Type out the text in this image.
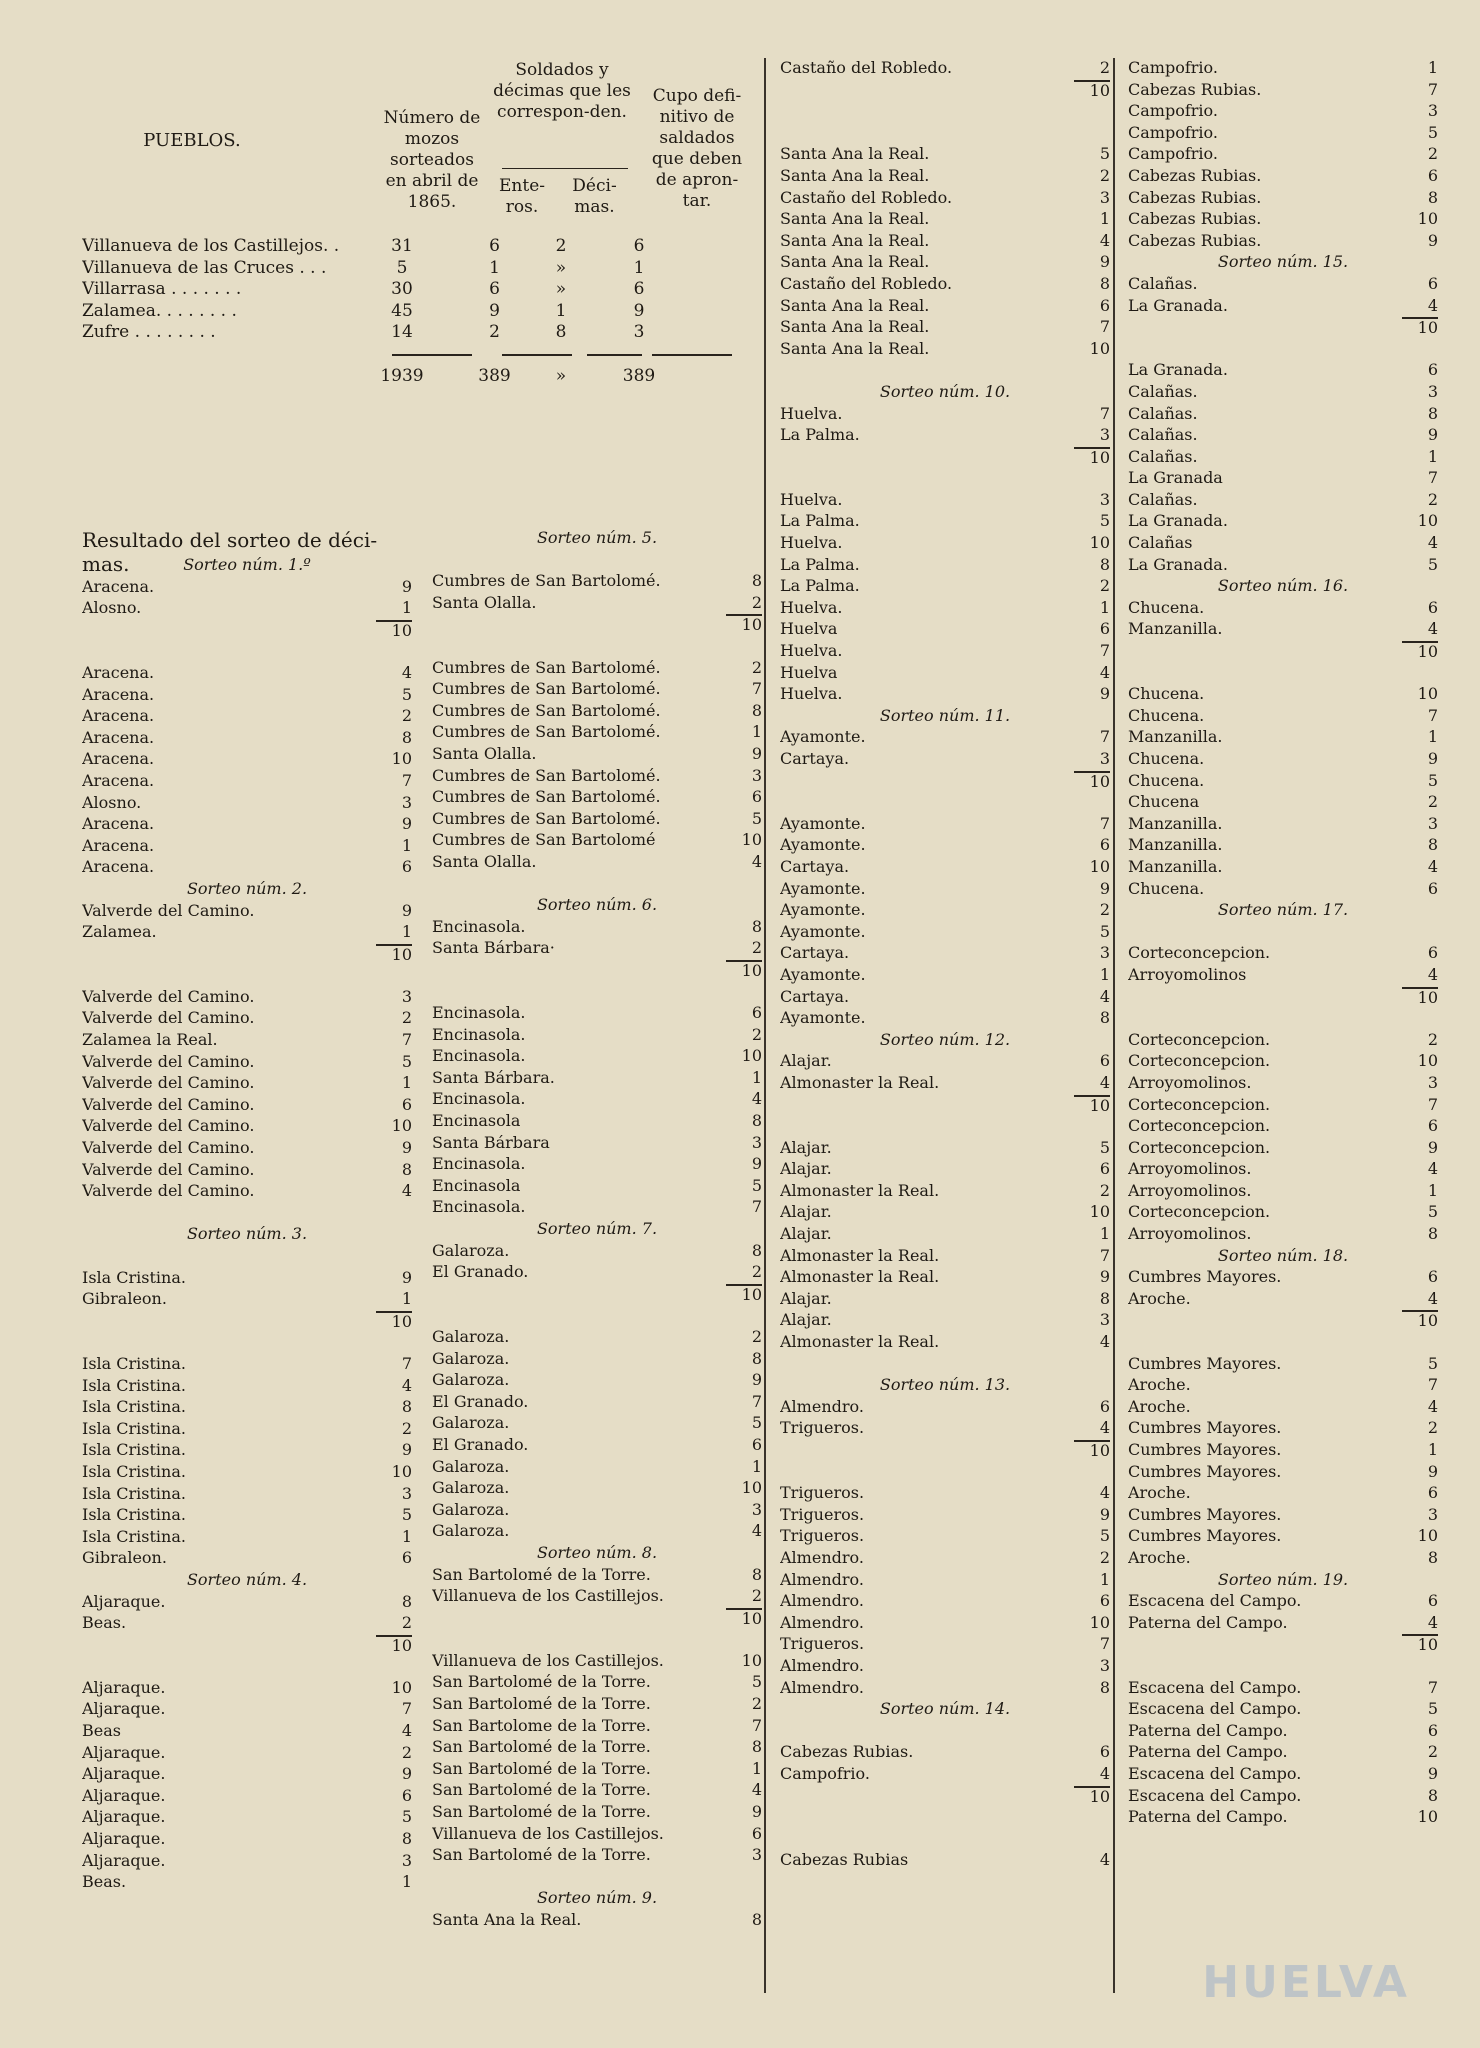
PUEBLOS.
Número de mozos sorteados en abril de 1865.
Soldados y décimas que les correspon-den.
Ente-ros.
Déci-mas.
Cupo defi-nitivo de saldados que deben de apron-tar.
Villanueva de los Castillejos. .	31	6	2	6
Villanueva de las Cruces . . .	5	1	»	1
Villarrasa . . . . . . .	30	6	»	6
Zalamea. . . . . . . .	45	9	1	9
Zufre . . . . . . . .	14	2	8	3
1939	389	»	389
Resultado del sorteo de déci-mas.	Sorteo núm. 1.º
Aracena.	9
Alosno.	1
10
Aracena.	4
Aracena.	5
Aracena.	2
Aracena.	8
Aracena.	10
Aracena.	7
Alosno.	3
Aracena.	9
Aracena.	1
Aracena.	6
Sorteo núm. 2.
Valverde del Camino.	9
Zalamea.	1
10
Valverde del Camino.	3
Valverde del Camino.	2
Zalamea la Real.	7
Valverde del Camino.	5
Valverde del Camino.	1
Valverde del Camino.	6
Valverde del Camino.	10
Valverde del Camino.	9
Valverde del Camino.	8
Valverde del Camino.	4
Sorteo núm. 3.
Isla Cristina.	9
Gibraleon.	1
10
Isla Cristina.	7
Isla Cristina.	4
Isla Cristina.	8
Isla Cristina.	2
Isla Cristina.	9
Isla Cristina.	10
Isla Cristina.	3
Isla Cristina.	5
Isla Cristina.	1
Gibraleon.	6
Sorteo núm. 4.
Aljaraque.	8
Beas.	2
10
Aljaraque.	10
Aljaraque.	7
Beas	4
Aljaraque.	2
Aljaraque.	9
Aljaraque.	6
Aljaraque.	5
Aljaraque.	8
Aljaraque.	3
Beas.	1
Sorteo núm. 5.
Cumbres de San Bartolomé.	8
Santa Olalla.	2
10
Cumbres de San Bartolomé.	2
Cumbres de San Bartolomé.	7
Cumbres de San Bartolomé.	8
Cumbres de San Bartolomé.	1
Santa Olalla.	9
Cumbres de San Bartolomé.	3
Cumbres de San Bartolomé.	6
Cumbres de San Bartolomé.	5
Cumbres de San Bartolomé	10
Santa Olalla.	4
Sorteo núm. 6.
Encinasola.	8
Santa Bárbara·	2
10
Encinasola.	6
Encinasola.	2
Encinasola.	10
Santa Bárbara.	1
Encinasola.	4
Encinasola	8
Santa Bárbara	3
Encinasola.	9
Encinasola	5
Encinasola.	7
Sorteo núm. 7.
Galaroza.	8
El Granado.	2
10
Galaroza.	2
Galaroza.	8
Galaroza.	9
El Granado.	7
Galaroza.	5
El Granado.	6
Galaroza.	1
Galaroza.	10
Galaroza.	3
Galaroza.	4
Sorteo núm. 8.
San Bartolomé de la Torre.	8
Villanueva de los Castillejos.	2
10
Villanueva de los Castillejos.	10
San Bartolomé de la Torre.	5
San Bartolomé de la Torre.	2
San Bartolome de la Torre.	7
San Bartolomé de la Torre.	8
San Bartolomé de la Torre.	1
San Bartolomé de la Torre.	4
San Bartolomé de la Torre.	9
Villanueva de los Castillejos.	6
San Bartolomé de la Torre.	3
Sorteo núm. 9.
Santa Ana la Real.	8
Castaño del Robledo.	2
10
Santa Ana la Real.	5
Santa Ana la Real.	2
Castaño del Robledo.	3
Santa Ana la Real.	1
Santa Ana la Real.	4
Santa Ana la Real.	9
Castaño del Robledo.	8
Santa Ana la Real.	6
Santa Ana la Real.	7
Santa Ana la Real.	10
Sorteo núm. 10.
Huelva.	7
La Palma.	3
10
Huelva.	3
La Palma.	5
Huelva.	10
La Palma.	8
La Palma.	2
Huelva.	1
Huelva	6
Huelva.	7
Huelva	4
Huelva.	9
Sorteo núm. 11.
Ayamonte.	7
Cartaya.	3
10
Ayamonte.	7
Ayamonte.	6
Cartaya.	10
Ayamonte.	9
Ayamonte.	2
Ayamonte.	5
Cartaya.	3
Ayamonte.	1
Cartaya.	4
Ayamonte.	8
Sorteo núm. 12.
Alajar.	6
Almonaster la Real.	4
10
Alajar.	5
Alajar.	6
Almonaster la Real.	2
Alajar.	10
Alajar.	1
Almonaster la Real.	7
Almonaster la Real.	9
Alajar.	8
Alajar.	3
Almonaster la Real.	4
Sorteo núm. 13.
Almendro.	6
Trigueros.	4
10
Trigueros.	4
Trigueros.	9
Trigueros.	5
Almendro.	2
Almendro.	1
Almendro.	6
Almendro.	10
Trigueros.	7
Almendro.	3
Almendro.	8
Sorteo núm. 14.
Cabezas Rubias.	6
Campofrio.	4
10
Cabezas Rubias	4
Campofrio.	1
Cabezas Rubias.	7
Campofrio.	3
Campofrio.	5
Campofrio.	2
Cabezas Rubias.	6
Cabezas Rubias.	8
Cabezas Rubias.	10
Cabezas Rubias.	9
Sorteo núm. 15.
Calañas.	6
La Granada.	4
10
La Granada.	6
Calañas.	3
Calañas.	8
Calañas.	9
Calañas.	1
La Granada	7
Calañas.	2
La Granada.	10
Calañas	4
La Granada.	5
Sorteo núm. 16.
Chucena.	6
Manzanilla.	4
10
Chucena.	10
Chucena.	7
Manzanilla.	1
Chucena.	9
Chucena.	5
Chucena	2
Manzanilla.	3
Manzanilla.	8
Manzanilla.	4
Chucena.	6
Sorteo núm. 17.
Corteconcepcion.	6
Arroyomolinos	4
10
Corteconcepcion.	2
Corteconcepcion.	10
Arroyomolinos.	3
Corteconcepcion.	7
Corteconcepcion.	6
Corteconcepcion.	9
Arroyomolinos.	4
Arroyomolinos.	1
Corteconcepcion.	5
Arroyomolinos.	8
Sorteo núm. 18.
Cumbres Mayores.	6
Aroche.	4
10
Cumbres Mayores.	5
Aroche.	7
Aroche.	4
Cumbres Mayores.	2
Cumbres Mayores.	1
Cumbres Mayores.	9
Aroche.	6
Cumbres Mayores.	3
Cumbres Mayores.	10
Aroche.	8
Sorteo núm. 19.
Escacena del Campo.	6
Paterna del Campo.	4
10
Escacena del Campo.	7
Escacena del Campo.	5
Paterna del Campo.	6
Paterna del Campo.	2
Escacena del Campo.	9
Escacena del Campo.	8
Paterna del Campo.	10
HUELVA
